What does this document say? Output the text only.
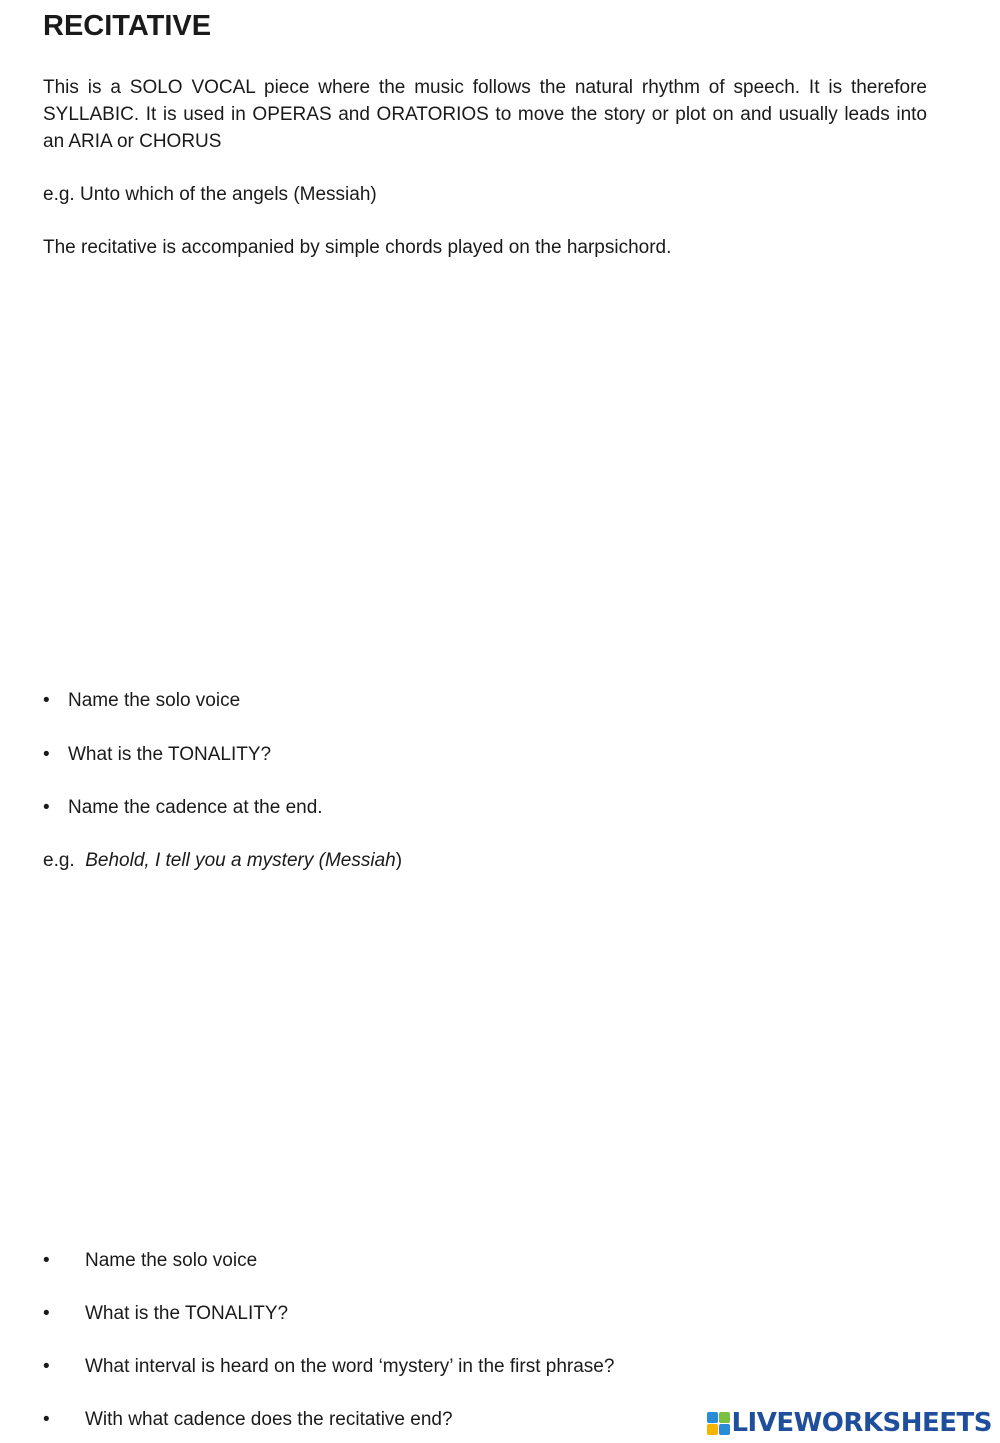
RECITATIVE

This is a SOLO VOCAL piece where the music follows the natural rhythm of speech. It is therefore SYLLABIC. It is used in OPERAS and ORATORIOS to move the story or plot on and usually leads into an ARIA or CHORUS

e.g. Unto which of the angels (Messiah)

The recitative is accompanied by simple chords played on the harpsichord.

• Name the solo voice
• What is the TONALITY?
• Name the cadence at the end.

e.g.  Behold, I tell you a mystery (Messiah)

• Name the solo voice
• What is the TONALITY?
• What interval is heard on the word ‘mystery’ in the first phrase?
• With what cadence does the recitative end?	LIVEWORKSHEETS
